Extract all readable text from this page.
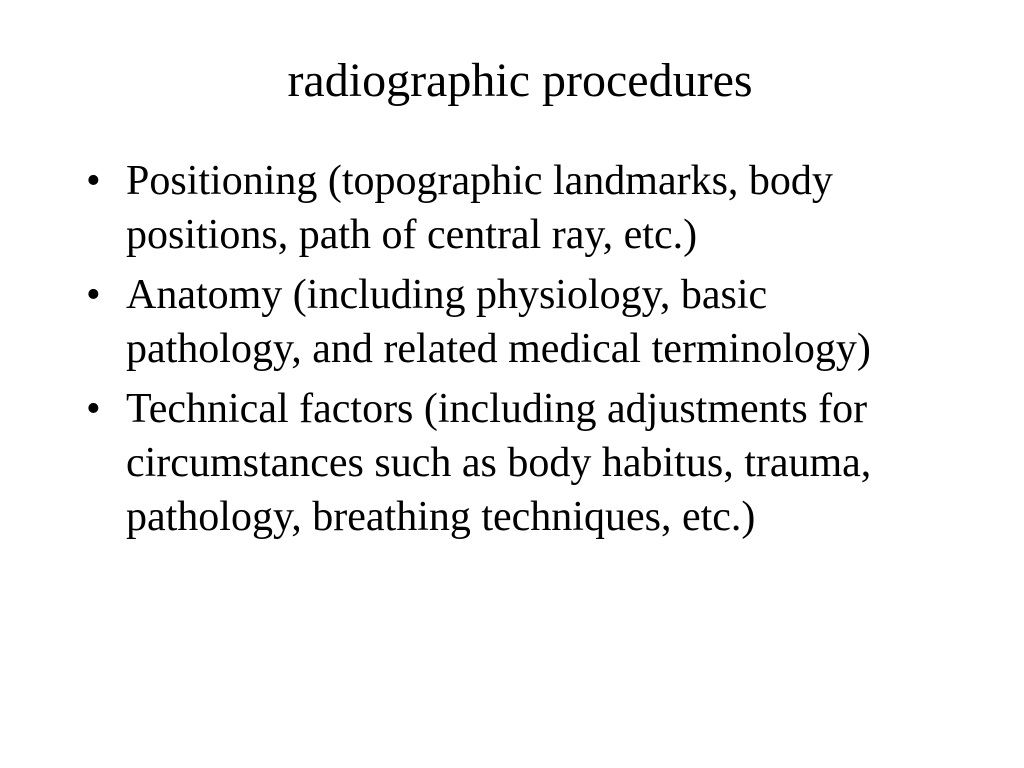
radiographic procedures
• Positioning (topographic landmarks, body positions, path of central ray, etc.)
• Anatomy (including physiology, basic pathology, and related medical terminology)
• Technical factors (including adjustments for circumstances such as body habitus, trauma, pathology, breathing techniques, etc.)
